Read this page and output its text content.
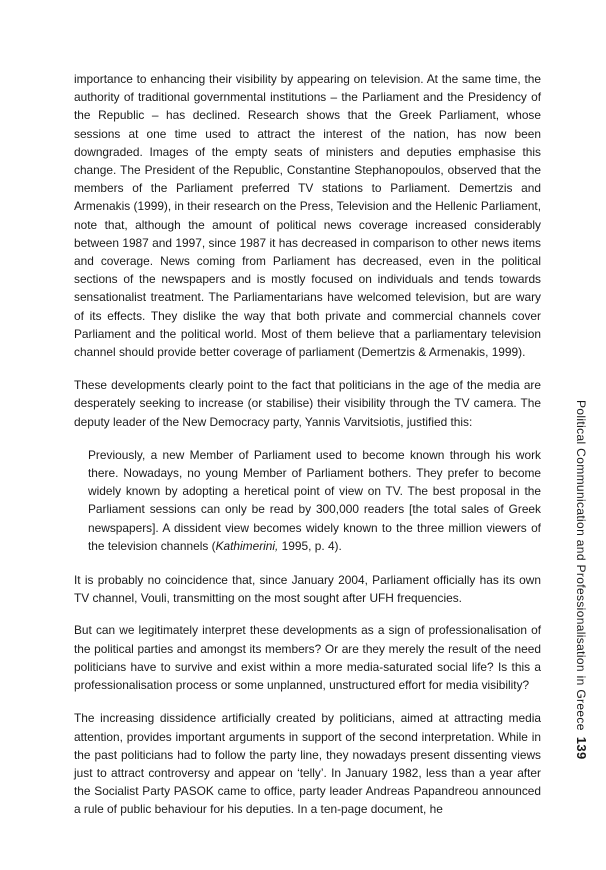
importance to enhancing their visibility by appearing on television. At the same time, the authority of traditional governmental institutions – the Parliament and the Presidency of the Republic – has declined. Research shows that the Greek Parliament, whose sessions at one time used to attract the interest of the nation, has now been downgraded. Images of the empty seats of ministers and deputies emphasise this change. The President of the Republic, Constantine Stephanopoulos, observed that the members of the Parliament preferred TV stations to Parliament. Demertzis and Armenakis (1999), in their research on the Press, Television and the Hellenic Parliament, note that, although the amount of political news coverage increased considerably between 1987 and 1997, since 1987 it has decreased in comparison to other news items and coverage. News coming from Parliament has decreased, even in the political sections of the newspapers and is mostly focused on individuals and tends towards sensationalist treatment. The Parliamentarians have welcomed television, but are wary of its effects. They dislike the way that both private and commercial channels cover Parliament and the political world. Most of them believe that a parliamentary television channel should provide better coverage of parliament (Demertzis & Armenakis, 1999).

These developments clearly point to the fact that politicians in the age of the media are desperately seeking to increase (or stabilise) their visibility through the TV camera. The deputy leader of the New Democracy party, Yannis Varvitsiotis, justified this:

Previously, a new Member of Parliament used to become known through his work there. Nowadays, no young Member of Parliament bothers. They prefer to become widely known by adopting a heretical point of view on TV. The best proposal in the Parliament sessions can only be read by 300,000 readers [the total sales of Greek newspapers]. A dissident view becomes widely known to the three million viewers of the television channels (Kathimerini, 1995, p. 4).

It is probably no coincidence that, since January 2004, Parliament officially has its own TV channel, Vouli, transmitting on the most sought after UFH frequencies.

But can we legitimately interpret these developments as a sign of professionalisation of the political parties and amongst its members? Or are they merely the result of the need politicians have to survive and exist within a more media-saturated social life? Is this a professionalisation process or some unplanned, unstructured effort for media visibility?

The increasing dissidence artificially created by politicians, aimed at attracting media attention, provides important arguments in support of the second interpretation. While in the past politicians had to follow the party line, they nowadays present dissenting views just to attract controversy and appear on ‘telly’. In January 1982, less than a year after the Socialist Party PASOK came to office, party leader Andreas Papandreou announced a rule of public behaviour for his deputies. In a ten-page document, he

Political Communication and Professionalisation in Greece139
